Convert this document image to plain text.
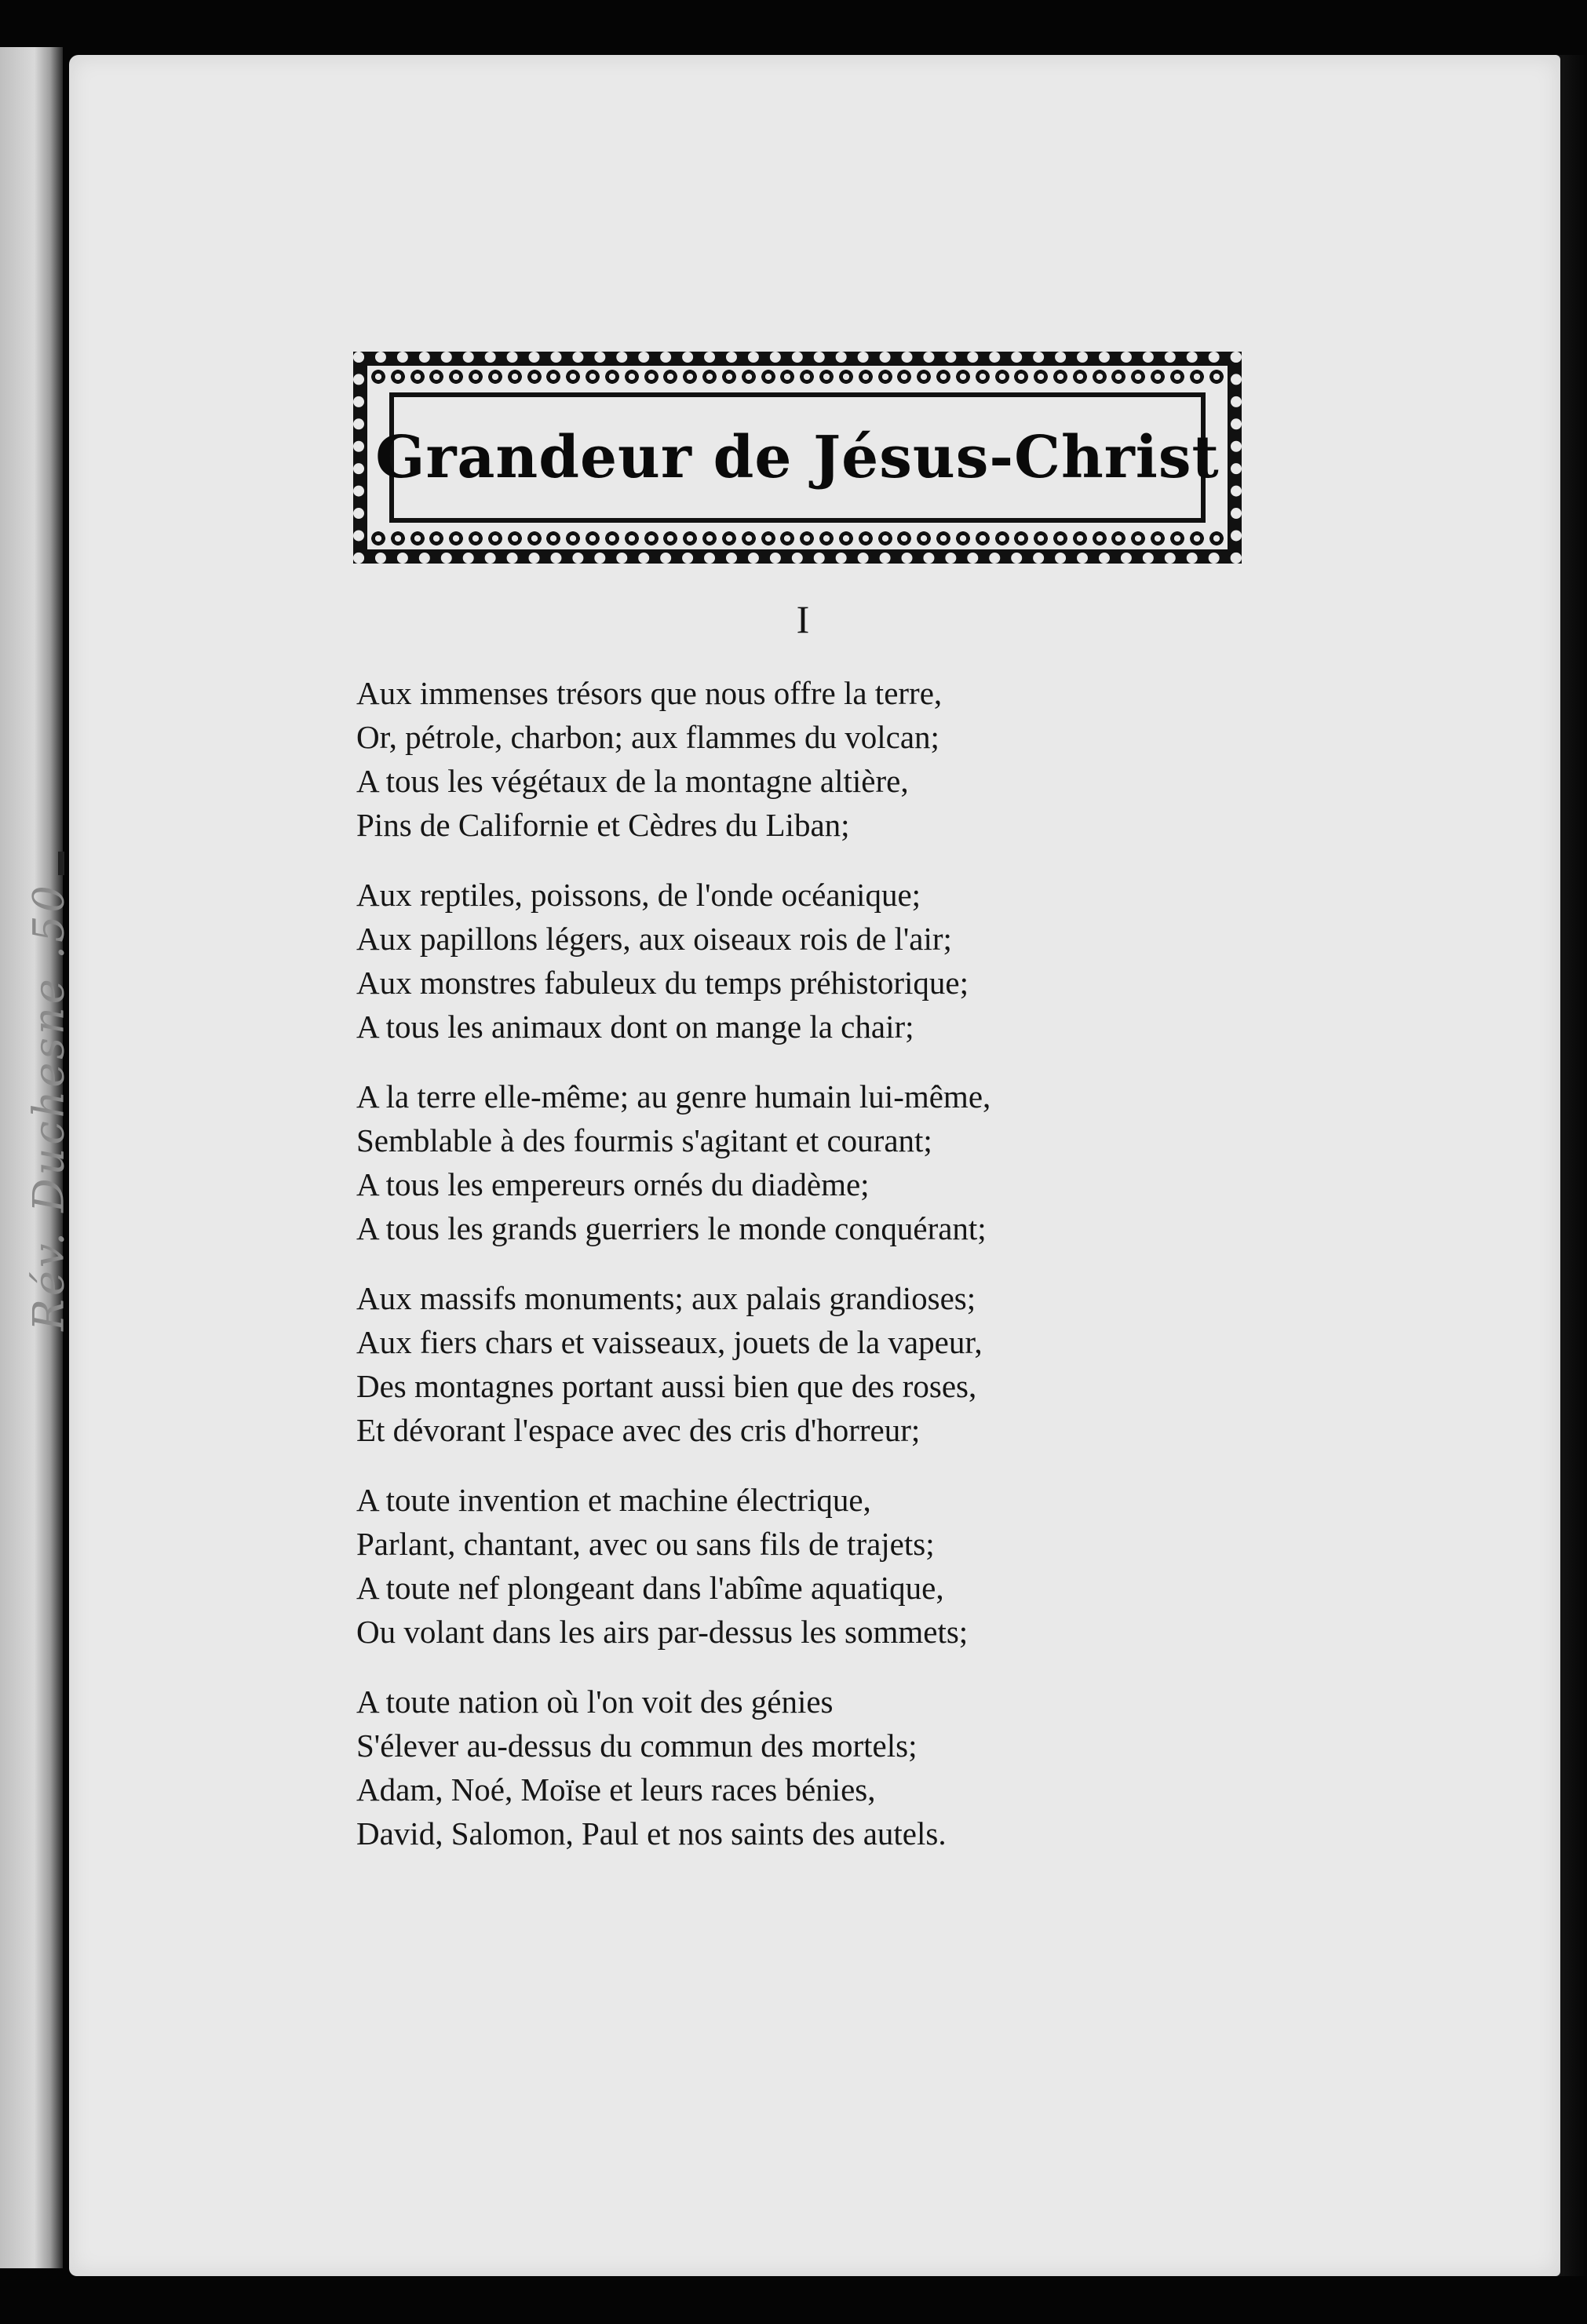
Grandeur de Jésus-Christ
I
Aux immenses trésors que nous offre la terre,
Or, pétrole, charbon; aux flammes du volcan;
A tous les végétaux de la montagne altière,
Pins de Californie et Cèdres du Liban;
Aux reptiles, poissons, de l'onde océanique;
Aux papillons légers, aux oiseaux rois de l'air;
Aux monstres fabuleux du temps préhistorique;
A tous les animaux dont on mange la chair;
A la terre elle-même; au genre humain lui-même,
Semblable à des fourmis s'agitant et courant;
A tous les empereurs ornés du diadème;
A tous les grands guerriers le monde conquérant;
Aux massifs monuments; aux palais grandioses;
Aux fiers chars et vaisseaux, jouets de la vapeur,
Des montagnes portant aussi bien que des roses,
Et dévorant l'espace avec des cris d'horreur;
A toute invention et machine électrique,
Parlant, chantant, avec ou sans fils de trajets;
A toute nef plongeant dans l'abîme aquatique,
Ou volant dans les airs par-dessus les sommets;
A toute nation où l'on voit des génies
S'élever au-dessus du commun des mortels;
Adam, Noé, Moïse et leurs races bénies,
David, Salomon, Paul et nos saints des autels.
Rév. Duchesne .50
